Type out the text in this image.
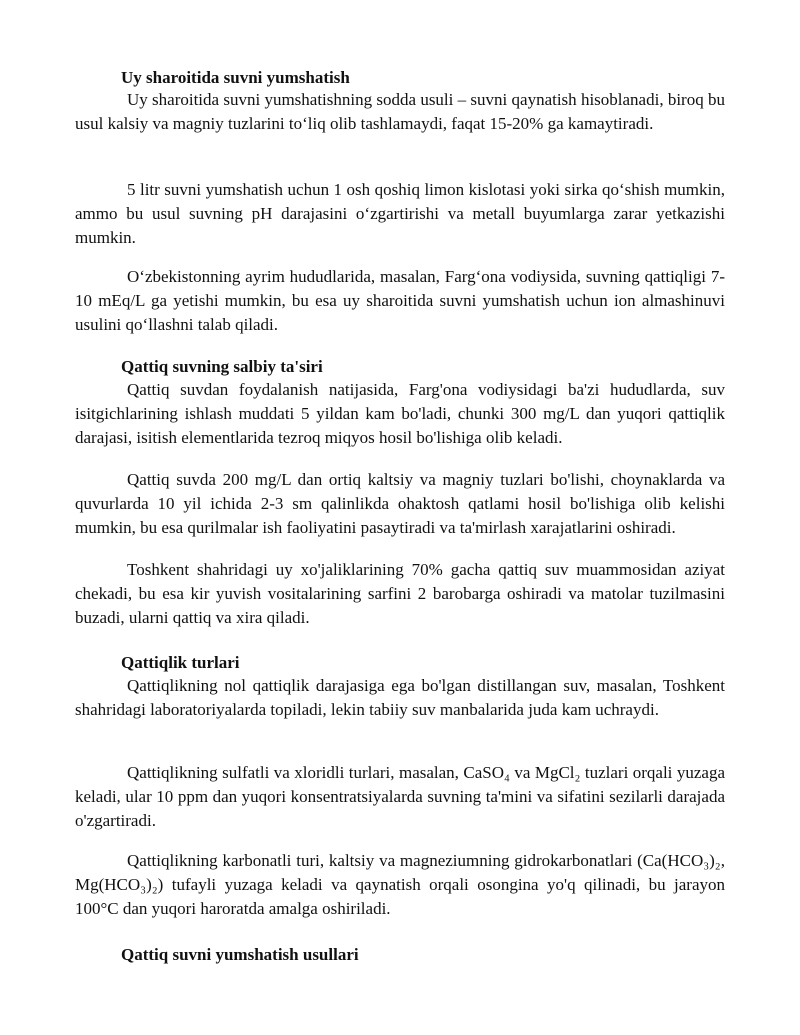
Uy sharoitida suvni yumshatish

Uy sharoitida suvni yumshatishning sodda usuli – suvni qaynatish hisoblanadi, biroq bu usul kalsiy va magniy tuzlarini to‘liq olib tashlamaydi, faqat 15-20% ga kamaytiradi.

5 litr suvni yumshatish uchun 1 osh qoshiq limon kislotasi yoki sirka qo‘shish mumkin, ammo bu usul suvning pH darajasini o‘zgartirishi va metall buyumlarga zarar yetkazishi mumkin.

O‘zbekistonning ayrim hududlarida, masalan, Farg‘ona vodiysida, suvning qattiqligi 7-10 mEq/L ga yetishi mumkin, bu esa uy sharoitida suvni yumshatish uchun ion almashinuvi usulini qo‘llashni talab qiladi.

Qattiq suvning salbiy ta'siri

Qattiq suvdan foydalanish natijasida, Farg'ona vodiysidagi ba'zi hududlarda, suv isitgichlarining ishlash muddati 5 yildan kam bo'ladi, chunki 300 mg/L dan yuqori qattiqlik darajasi, isitish elementlarida tezroq miqyos hosil bo'lishiga olib keladi.

Qattiq suvda 200 mg/L dan ortiq kaltsiy va magniy tuzlari bo'lishi, choynaklarda va quvurlarda 10 yil ichida 2-3 sm qalinlikda ohaktosh qatlami hosil bo'lishiga olib kelishi mumkin, bu esa qurilmalar ish faoliyatini pasaytiradi va ta'mirlash xarajatlarini oshiradi.

Toshkent shahridagi uy xo'jaliklarining 70% gacha qattiq suv muammosidan aziyat chekadi, bu esa kir yuvish vositalarining sarfini 2 barobarga oshiradi va matolar tuzilmasini buzadi, ularni qattiq va xira qiladi.

Qattiqlik turlari

Qattiqlikning nol qattiqlik darajasiga ega bo'lgan distillangan suv, masalan, Toshkent shahridagi laboratoriyalarda topiladi, lekin tabiiy suv manbalarida juda kam uchraydi.

Qattiqlikning sulfatli va xloridli turlari, masalan, CaSO₄ va MgCl₂ tuzlari orqali yuzaga keladi, ular 10 ppm dan yuqori konsentratsiyalarda suvning ta'mini va sifatini sezilarli darajada o'zgartiradi.

Qattiqlikning karbonatli turi, kaltsiy va magneziumning gidrokarbonatlari (Ca(HCO₃)₂, Mg(HCO₃)₂) tufayli yuzaga keladi va qaynatish orqali osongina yo'q qilinadi, bu jarayon 100°C dan yuqori haroratda amalga oshiriladi.

Qattiq suvni yumshatish usullari
